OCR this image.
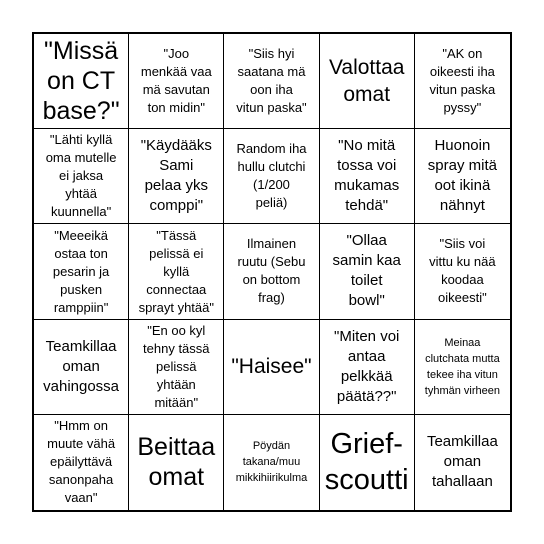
"Missä
on CT
base?"
"Joo
menkää vaa
mä savutan
ton midin"
"Siis hyi
saatana mä
oon iha
vitun paska"
Valottaa
omat
"AK on
oikeesti iha
vitun paska
pyssy"
"Lähti kyllä
oma mutelle
ei jaksa
yhtää
kuunnella"
"Käydääks
Sami
pelaa yks
comppi"
Random iha
hullu clutchi
(1/200
peliä)
"No mitä
tossa voi
mukamas
tehdä"
Huonoin
spray mitä
oot ikinä
nähnyt
"Meeeikä
ostaa ton
pesarin ja
pusken
ramppiin"
"Tässä
pelissä ei
kyllä
connectaa
sprayt yhtää"
Ilmainen
ruutu (Sebu
on bottom
frag)
"Ollaa
samin kaa
toilet
bowl"
"Siis voi
vittu ku nää
koodaa
oikeesti"
Teamkillaa
oman
vahingossa
"En oo kyl
tehny tässä
pelissä
yhtään
mitään"
"Haisee"
"Miten voi
antaa
pelkkää
päätä??"
Meinaa
clutchata mutta
tekee iha vitun
tyhmän virheen
"Hmm on
muute vähä
epäilyttävä
sanonpaha
vaan"
Beittaa
omat
Pöydän
takana/muu
mikkihiirikulma
Grief-
scoutti
Teamkillaa
oman
tahallaan
